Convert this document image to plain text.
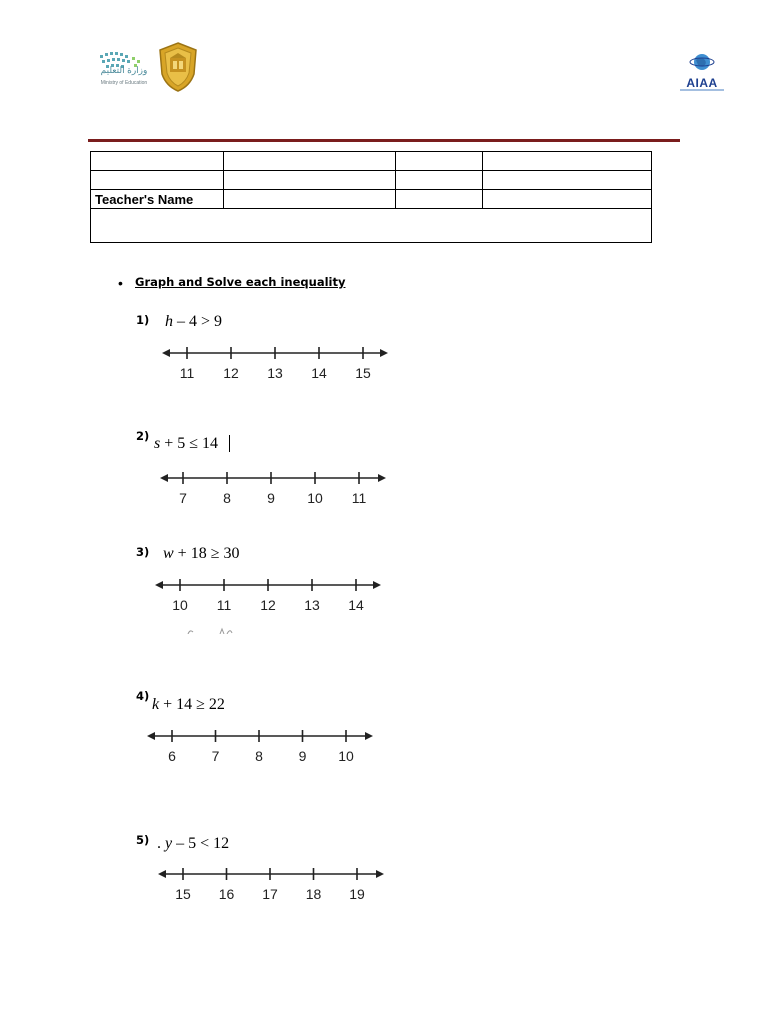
وزارة التعليم
Ministry of Education	AIAA

Teacher's Name			

• Graph and Solve each inequality
1) h – 4 > 9
11 12 13 14 15
2) s + 5 ≤ 14
7	8	9 10 11
3) w + 18 ≥ 30
10 11 12 13 14
4) k + 14 ≥ 22
6	7	8	9 10
5) . y – 5 < 12
15 16 17 18 19
